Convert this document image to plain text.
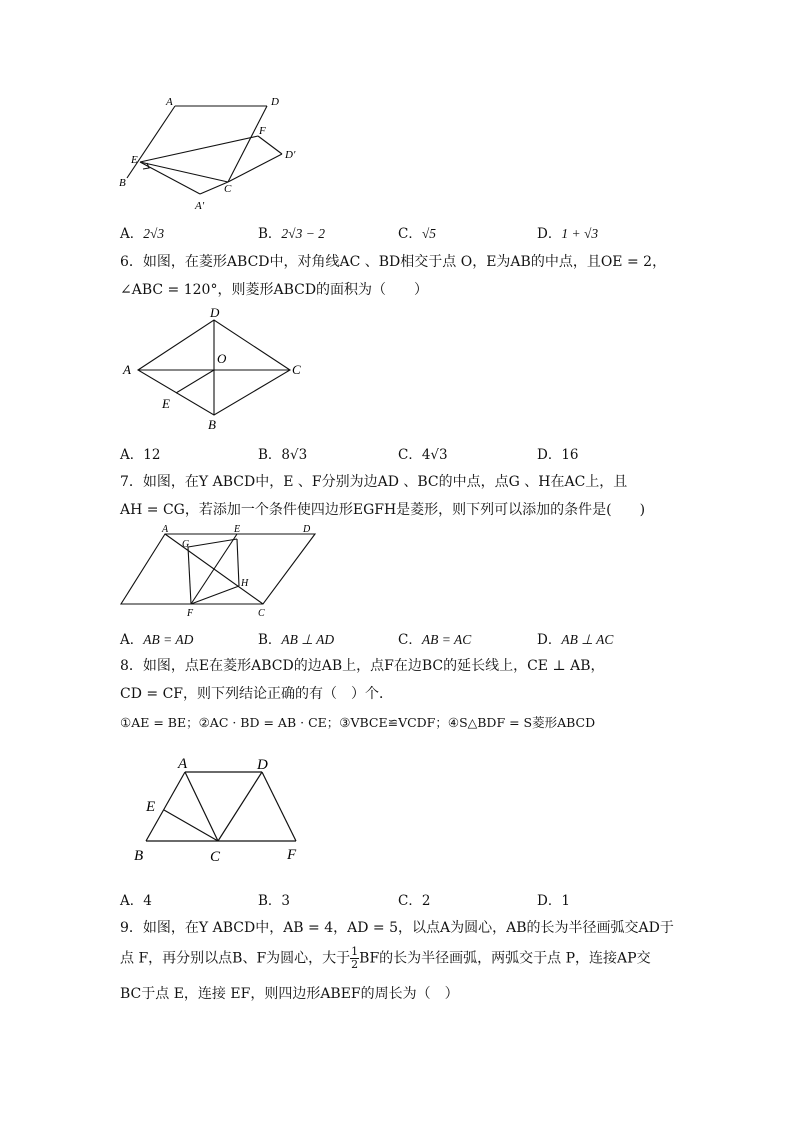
A	D
F
D′
E
B	C
A′
A．2√3	B．2√3 − 2	C．√5	D．1 + √3
6．如图，在菱形ABCD中，对角线AC 、BD相交于点 O，E为AB的中点，且OE = 2，
∠ABC = 120°，则菱形ABCD的面积为（　　）
D
A
O
C
E
B
A．12	B．8√3	C．4√3	D．16
7．如图，在Y ABCD中，E 、F分别为边AD 、BC的中点，点G 、H在AC上，且
AH = CG，若添加一个条件使四边形EGFH是菱形，则下列可以添加的条件是(　　)
A	E	D
G
H
F	C
A．AB = AD	B．AB ⊥ AD	C．AB = AC	D．AB ⊥ AC
8．如图，点E在菱形ABCD的边AB上，点F在边BC的延长线上，CE ⊥ AB，
CD = CF，则下列结论正确的有（　）个．
①AE = BE；②AC · BD = AB · CE；③VBCE≌VCDF；④S△BDF = S菱形ABCD
A	D
E
B	C	F
A．4	B．3	C．2	D．1
9．如图，在Y ABCD中，AB = 4，AD = 5，以点A为圆心，AB的长为半径画弧交AD于
点 F，再分别以点B、F为圆心，大于 $\frac{1}{2}$ BF的长为半径画弧，两弧交于点 P，连接AP交
BC于点 E，连接 EF，则四边形ABEF的周长为（　）
